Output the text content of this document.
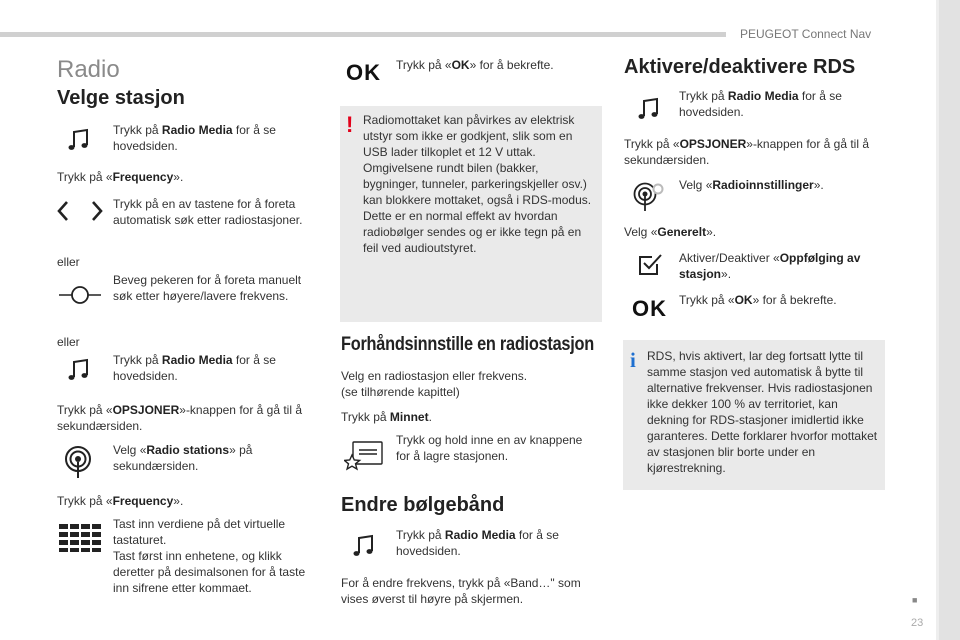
PEUGEOT Connect Nav
■
23
Radio
Velge stasjon
Trykk på Radio Media for å se hovedsiden.
Trykk på «Frequency».
Trykk på en av tastene for å foreta automatisk søk etter radiostasjoner.
eller
Beveg pekeren for å foreta manuelt søk etter høyere/lavere frekvens.
eller
Trykk på Radio Media for å se hovedsiden.
Trykk på «OPSJONER»-knappen for å gå til å sekundærsiden.
Velg «Radio stations» på sekundærsiden.
Trykk på «Frequency».
Tast inn verdiene på det virtuelle tastaturet.
Tast først inn enhetene, og klikk deretter på desimalsonen for å taste inn sifrene etter kommaet.
OK Trykk på «OK» for å bekrefte.
! Radiomottaket kan påvirkes av elektrisk utstyr som ikke er godkjent, slik som en USB lader tilkoplet et 12 V uttak. Omgivelsene rundt bilen (bakker, bygninger, tunneler, parkeringskjeller osv.) kan blokkere mottaket, også i RDS-modus. Dette er en normal effekt av hvordan radiobølger sendes og er ikke tegn på en feil ved audioutstyret.
Forhåndsinnstille en radiostasjon
Velg en radiostasjon eller frekvens.
(se tilhørende kapittel)
Trykk på Minnet.
Trykk og hold inne en av knappene for å lagre stasjonen.
Endre bølgebånd
Trykk på Radio Media for å se hovedsiden.
For å endre frekvens, trykk på «Band…" som vises øverst til høyre på skjermen.
Aktivere/deaktivere RDS
Trykk på Radio Media for å se hovedsiden.
Trykk på «OPSJONER»-knappen for å gå til å sekundærsiden.
Velg «Radioinnstillinger».
Velg «Generelt».
Aktiver/Deaktiver «Oppfølging av stasjon».
OK Trykk på «OK» for å bekrefte.
i RDS, hvis aktivert, lar deg fortsatt lytte til samme stasjon ved automatisk å bytte til alternative frekvenser. Hvis radiostasjonen ikke dekker 100 % av territoriet, kan dekning for RDS-stasjoner imidlertid ikke garanteres. Dette forklarer hvorfor mottaket av stasjonen blir borte under en kjørestrekning.
